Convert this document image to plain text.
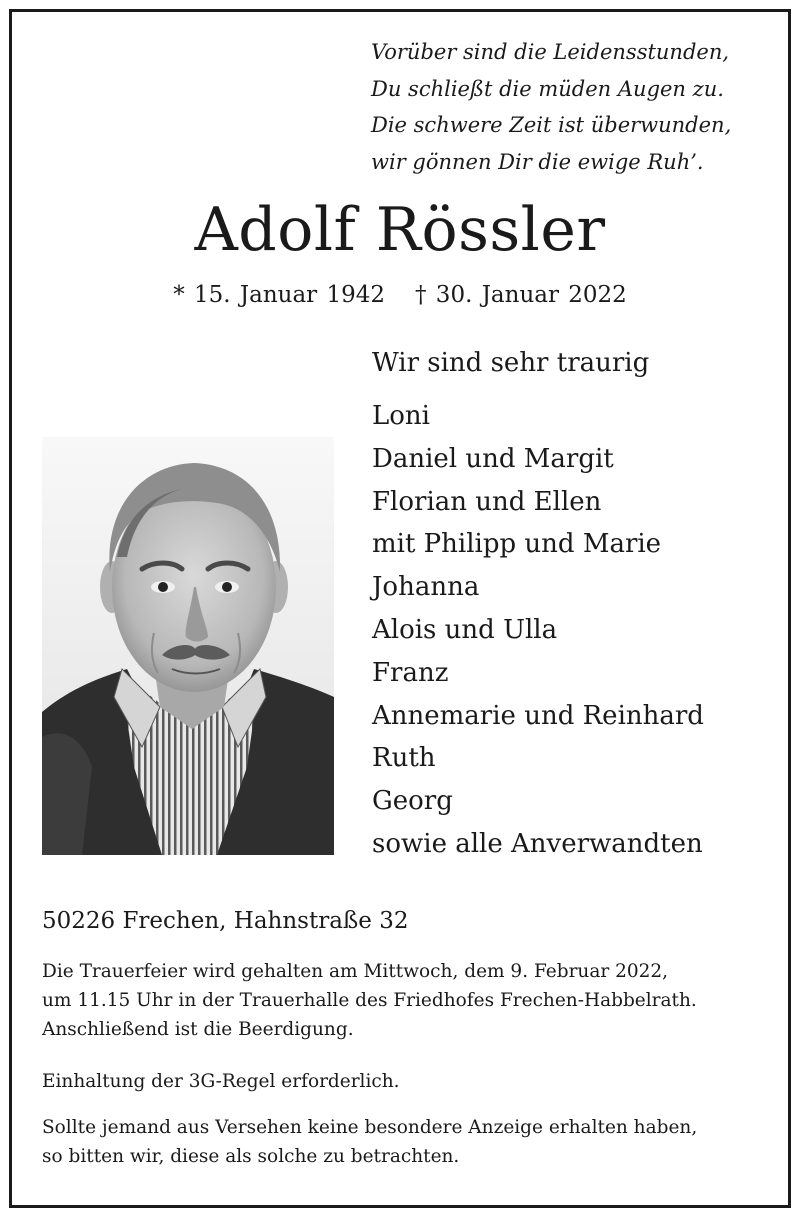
Vorüber sind die Leidensstunden,
Du schließt die müden Augen zu.
Die schwere Zeit ist überwunden,
wir gönnen Dir die ewige Ruh’.
Adolf Rössler
* 15. Januar 1942 † 30. Januar 2022
Wir sind sehr traurig
Loni
Daniel und Margit
Florian und Ellen
mit Philipp und Marie
Johanna
Alois und Ulla
Franz
Annemarie und Reinhard
Ruth
Georg
sowie alle Anverwandten
50226 Frechen, Hahnstraße 32
Die Trauerfeier wird gehalten am Mittwoch, dem 9. Februar 2022,
um 11.15 Uhr in der Trauerhalle des Friedhofes Frechen-Habbelrath.
Anschließend ist die Beerdigung.
Einhaltung der 3G-Regel erforderlich.
Sollte jemand aus Versehen keine besondere Anzeige erhalten haben,
so bitten wir, diese als solche zu betrachten.
